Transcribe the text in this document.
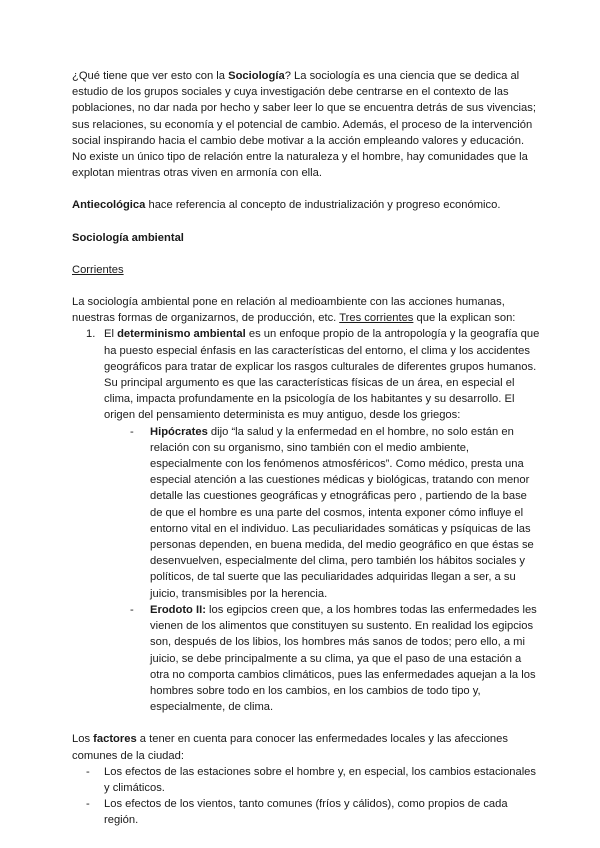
¿Qué tiene que ver esto con la Sociología? La sociología es una ciencia que se dedica al estudio de los grupos sociales y cuya investigación debe centrarse en el contexto de las poblaciones, no dar nada por hecho y saber leer lo que se encuentra detrás de sus vivencias; sus relaciones, su economía y el potencial de cambio. Además, el proceso de la intervención social inspirando hacia el cambio debe motivar a la acción empleando valores y educación. No existe un único tipo de relación entre la naturaleza y el hombre, hay comunidades que la explotan mientras otras viven en armonía con ella.

Antiecológica hace referencia al concepto de industrialización y progreso económico.

Sociología ambiental

Corrientes

La sociología ambiental pone en relación al medioambiente con las acciones humanas, nuestras formas de organizarnos, de producción, etc. Tres corrientes que la explican son:

1. El determinismo ambiental es un enfoque propio de la antropología y la geografía que ha puesto especial énfasis en las características del entorno, el clima y los accidentes geográficos para tratar de explicar los rasgos culturales de diferentes grupos humanos. Su principal argumento es que las características físicas de un área, en especial el clima, impacta profundamente en la psicología de los habitantes y su desarrollo. El origen del pensamiento determinista es muy antiguo, desde los griegos:
- Hipócrates dijo “la salud y la enfermedad en el hombre, no solo están en relación con su organismo, sino también con el medio ambiente, especialmente con los fenómenos atmosféricos”. Como médico, presta una especial atención a las cuestiones médicas y biológicas, tratando con menor detalle las cuestiones geográficas y etnográficas pero , partiendo de la base de que el hombre es una parte del cosmos, intenta exponer cómo influye el entorno vital en el individuo. Las peculiaridades somáticas y psíquicas de las personas dependen, en buena medida, del medio geográfico en que éstas se desenvuelven, especialmente del clima, pero también los hábitos sociales y políticos, de tal suerte que las peculiaridades adquiridas llegan a ser, a su juicio, transmisibles por la herencia.
- Erodoto II: los egipcios creen que, a los hombres todas las enfermedades les vienen de los alimentos que constituyen su sustento. En realidad los egipcios son, después de los libios, los hombres más sanos de todos; pero ello, a mi juicio, se debe principalmente a su clima, ya que el paso de una estación a otra no comporta cambios climáticos, pues las enfermedades aquejan a la los hombres sobre todo en los cambios, en los cambios de todo tipo y, especialmente, de clima.

Los factores a tener en cuenta para conocer las enfermedades locales y las afecciones comunes de la ciudad:

- Los efectos de las estaciones sobre el hombre y, en especial, los cambios estacionales y climáticos.
- Los efectos de los vientos, tanto comunes (fríos y cálidos), como propios de cada región.
